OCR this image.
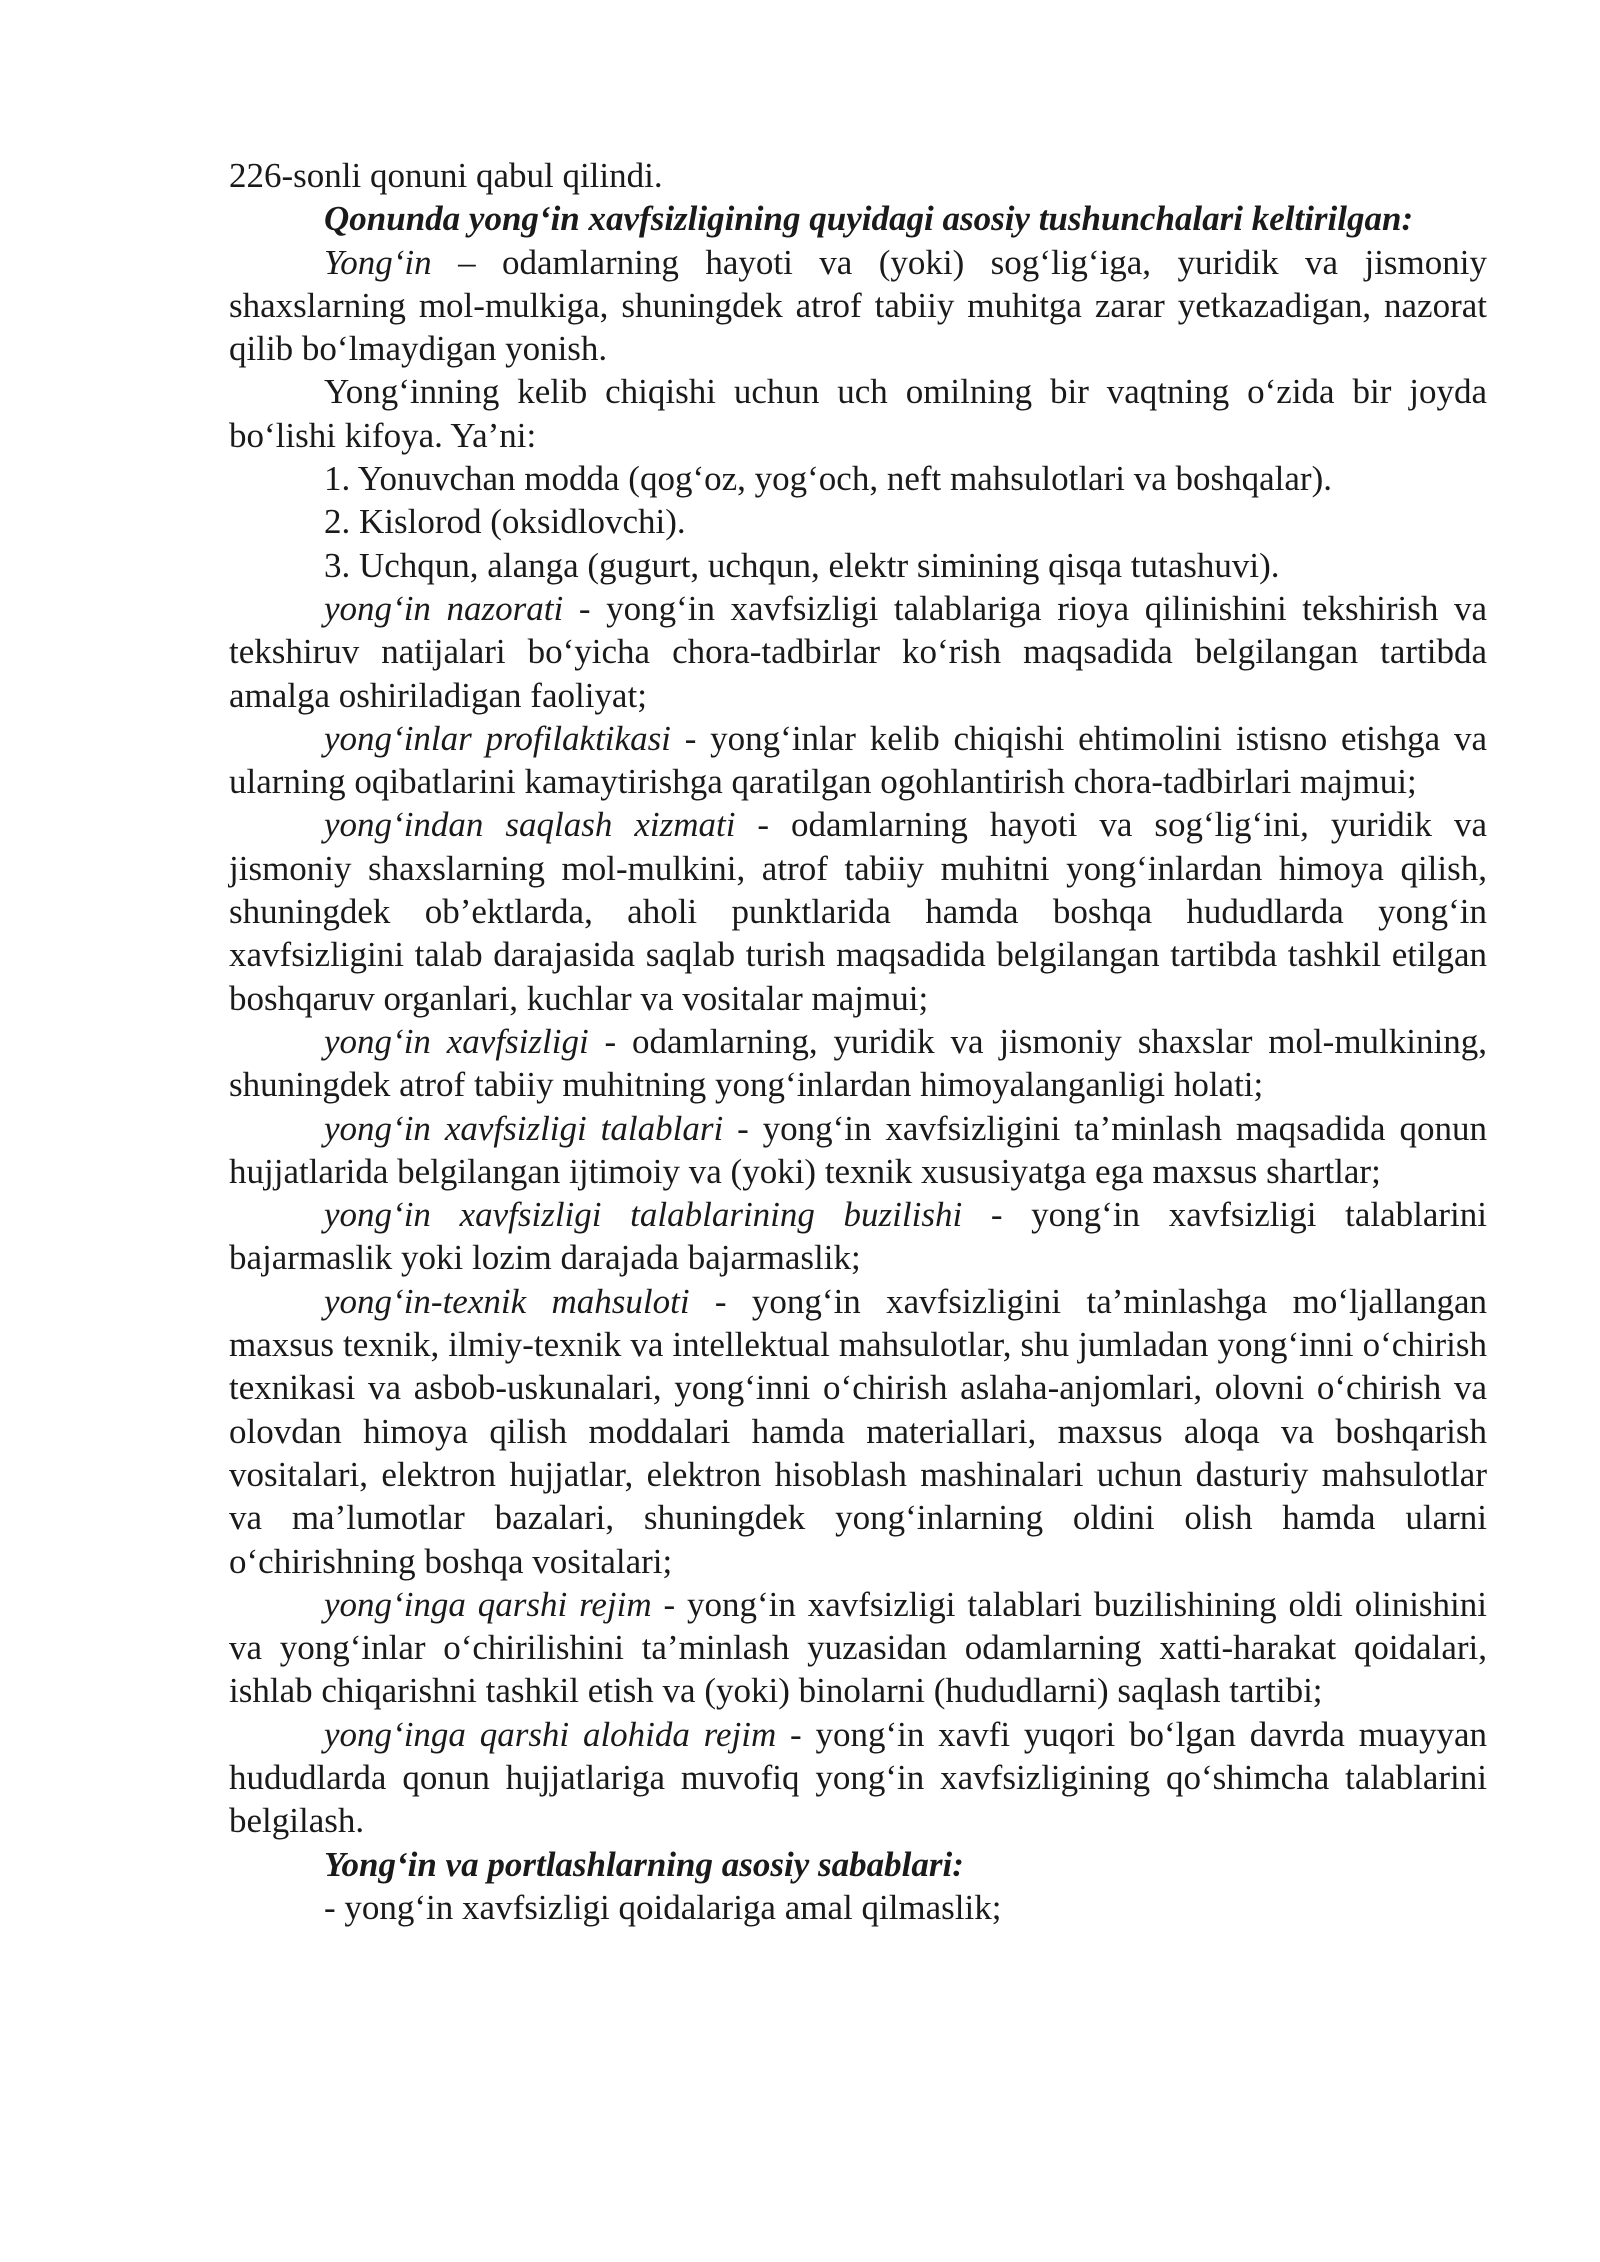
226-sonli qonuni qabul qilindi.

Qonunda yong‘in xavfsizligining quyidagi asosiy tushunchalari keltirilgan:

Yong‘in – odamlarning hayoti va (yoki) sog‘lig‘iga, yuridik va jismoniy shaxslarning mol-mulkiga, shuningdek atrof tabiiy muhitga zarar yetkazadigan, nazorat qilib bo‘lmaydigan yonish.

Yong‘inning kelib chiqishi uchun uch omilning bir vaqtning o‘zida bir joyda bo‘lishi kifoya. Ya’ni:

1. Yonuvchan modda (qog‘oz, yog‘och, neft mahsulotlari va boshqalar).

2. Kislorod (oksidlovchi).

3. Uchqun, alanga (gugurt, uchqun, elektr simining qisqa tutashuvi).

yong‘in nazorati - yong‘in xavfsizligi talablariga rioya qilinishini tekshirish va tekshiruv natijalari bo‘yicha chora-tadbirlar ko‘rish maqsadida belgilangan tartibda amalga oshiriladigan faoliyat;

yong‘inlar profilaktikasi - yong‘inlar kelib chiqishi ehtimolini istisno etishga va ularning oqibatlarini kamaytirishga qaratilgan ogohlantirish chora-tadbirlari majmui;

yong‘indan saqlash xizmati - odamlarning hayoti va sog‘lig‘ini, yuridik va jismoniy shaxslarning mol-mulkini, atrof tabiiy muhitni yong‘inlardan himoya qilish, shuningdek ob’ektlarda, aholi punktlarida hamda boshqa hududlarda yong‘in xavfsizligini talab darajasida saqlab turish maqsadida belgilangan tartibda tashkil etilgan boshqaruv organlari, kuchlar va vositalar majmui;

yong‘in xavfsizligi - odamlarning, yuridik va jismoniy shaxslar mol-mulkining, shuningdek atrof tabiiy muhitning yong‘inlardan himoyalanganligi holati;

yong‘in xavfsizligi talablari - yong‘in xavfsizligini ta’minlash maqsadida qonun hujjatlarida belgilangan ijtimoiy va (yoki) texnik xususiyatga ega maxsus shartlar;

yong‘in xavfsizligi talablarining buzilishi - yong‘in xavfsizligi talablarini bajarmaslik yoki lozim darajada bajarmaslik;

yong‘in-texnik mahsuloti - yong‘in xavfsizligini ta’minlashga mo‘ljallangan maxsus texnik, ilmiy-texnik va intellektual mahsulotlar, shu jumladan yong‘inni o‘chirish texnikasi va asbob-uskunalari, yong‘inni o‘chirish aslaha-anjomlari, olovni o‘chirish va olovdan himoya qilish moddalari hamda materiallari, maxsus aloqa va boshqarish vositalari, elektron hujjatlar, elektron hisoblash mashinalari uchun dasturiy mahsulotlar va ma’lumotlar bazalari, shuningdek yong‘inlarning oldini olish hamda ularni o‘chirishning boshqa vositalari;

yong‘inga qarshi rejim - yong‘in xavfsizligi talablari buzilishining oldi olinishini va yong‘inlar o‘chirilishini ta’minlash yuzasidan odamlarning xatti-harakat qoidalari, ishlab chiqarishni tashkil etish va (yoki) binolarni (hududlarni) saqlash tartibi;

yong‘inga qarshi alohida rejim - yong‘in xavfi yuqori bo‘lgan davrda muayyan hududlarda qonun hujjatlariga muvofiq yong‘in xavfsizligining qo‘shimcha talablarini belgilash.

Yong‘in va portlashlarning asosiy sabablari:

- yong‘in xavfsizligi qoidalariga amal qilmaslik;
